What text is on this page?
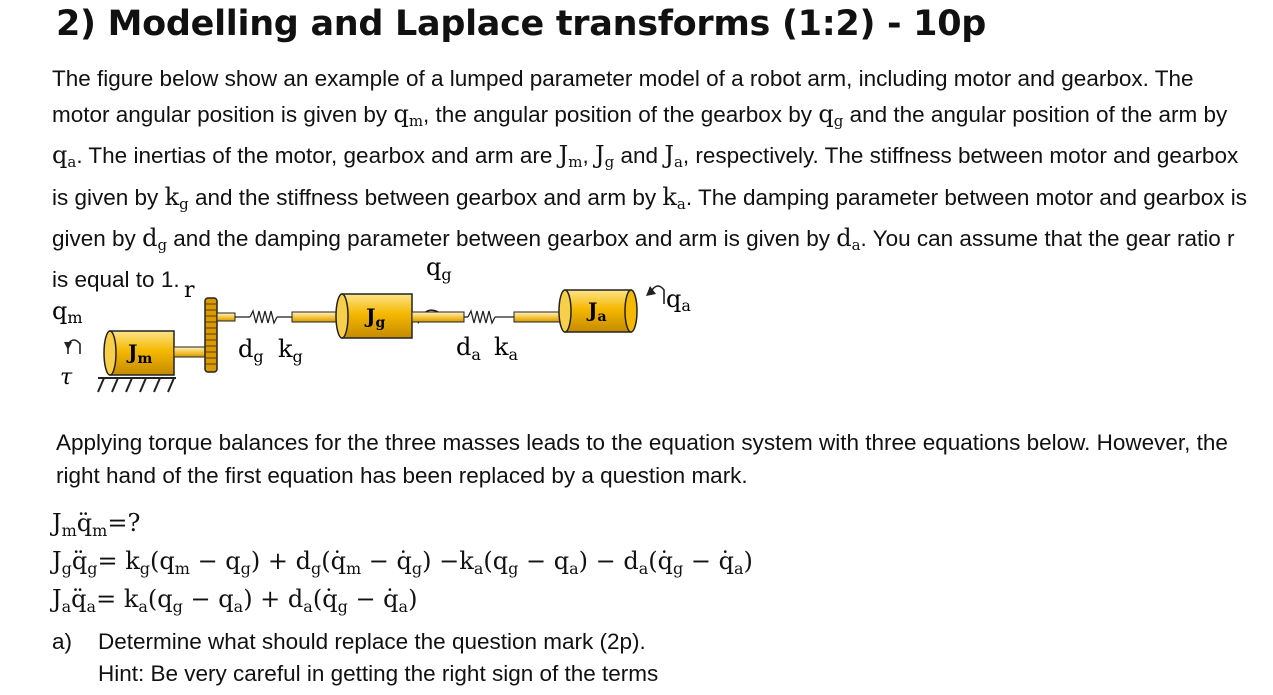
2) Modelling and Laplace transforms (1:2) - 10p
The figure below show an example of a lumped parameter model of a robot arm, including motor and gearbox. The motor angular position is given by $q_m$, the angular position of the gearbox by $q_g$ and the angular position of the arm by $q_a$. The inertias of the motor, gearbox and arm are $J_m$, $J_g$ and $J_a$, respectively. The stiffness between motor and gearbox is given by $k_g$ and the stiffness between gearbox and arm by $k_a$. The damping parameter between motor and gearbox is given by $d_g$ and the damping parameter between gearbox and arm is given by $d_a$. You can assume that the gear ratio r is equal to 1.
qm
τ
$J_m$
r
$d_g$ $k_g$
$J_g$
$q_g$
$d_a$ $k_a$
$J_a$
qa
Applying torque balances for the three masses leads to the equation system with three equations below. However, the right hand of the first equation has been replaced by a question mark.
$J_mq̈_m=$?
$J_gq̈_g= k_g(q_m - q_g)$ + $d_g(q̇_m$ − $q̇_g) -k_a(q_g - q_a)$ − $d_a(q̇_g$ − $q̇_a$)
$J_aq̈_a= k_a(q_g - q_a)$ + $d_a(q̇_g$ − $q̇_a$)
a) Determine what should replace the question mark (2p).
Hint: Be very careful in getting the right sign of the terms
